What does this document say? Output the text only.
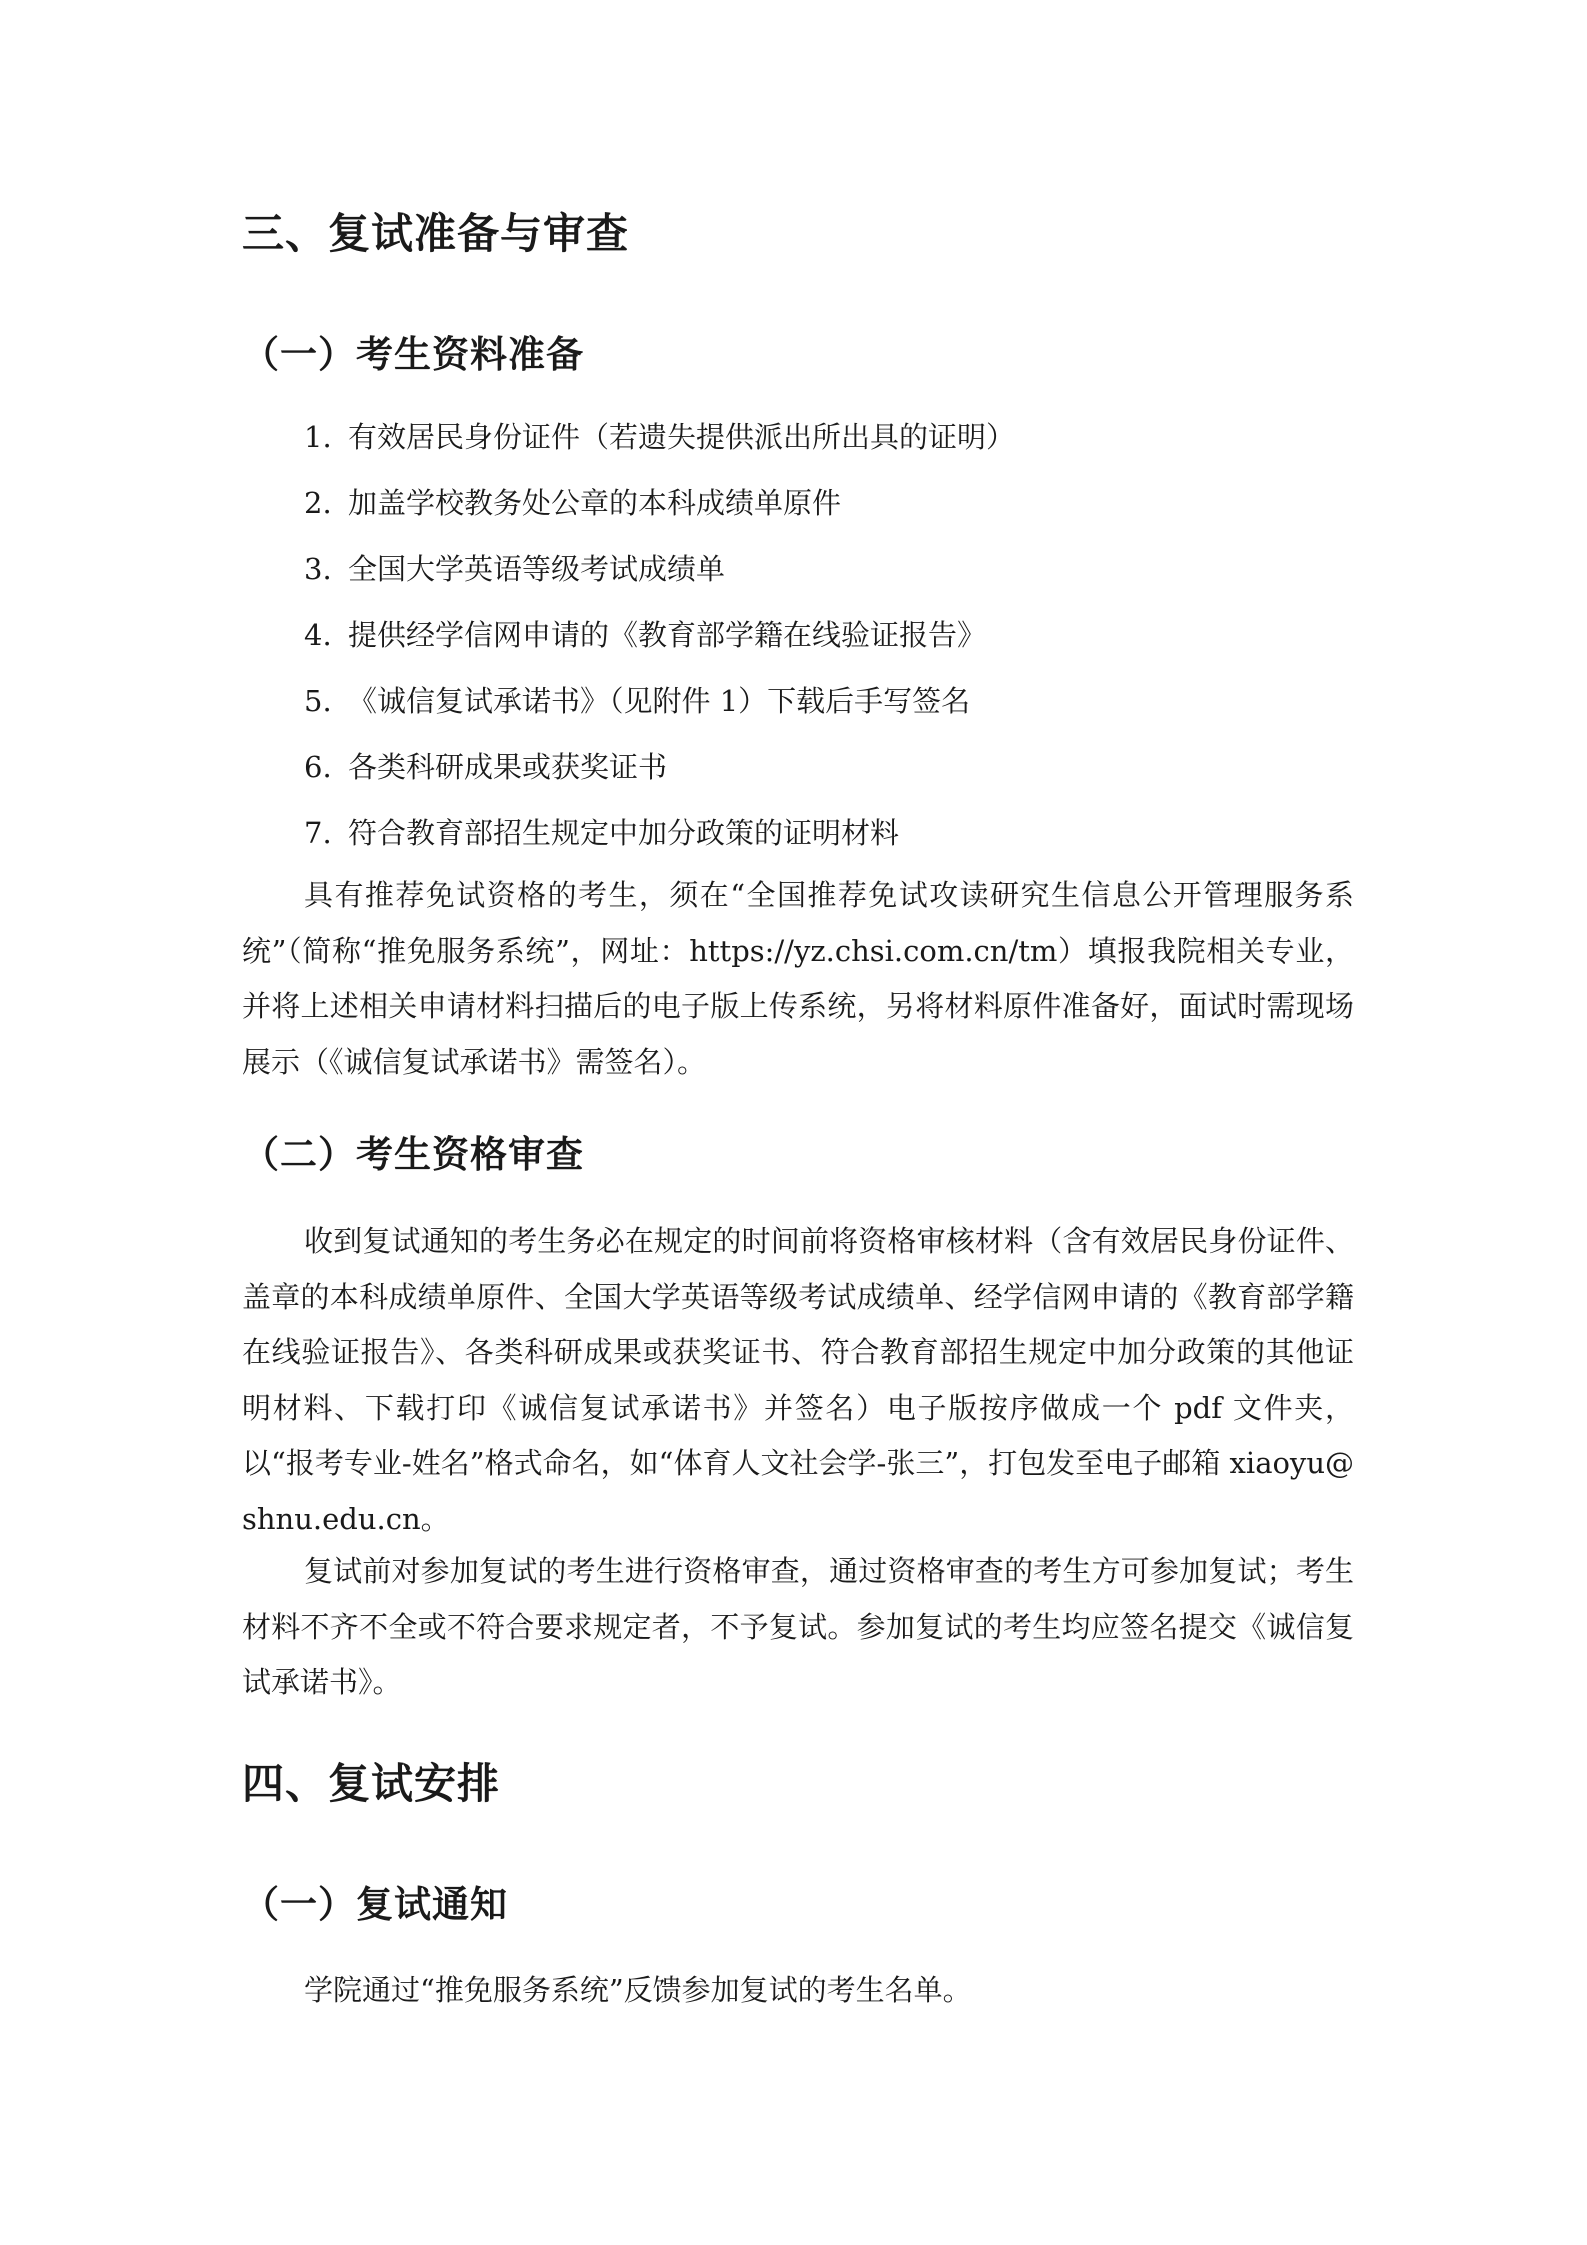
三、复试准备与审查
（一）考生资料准备
1. 有效居民身份证件（若遗失提供派出所出具的证明）
2. 加盖学校教务处公章的本科成绩单原件
3. 全国大学英语等级考试成绩单
4. 提供经学信网申请的《教育部学籍在线验证报告》
5. 《诚信复试承诺书》（见附件 1）下载后手写签名
6. 各类科研成果或获奖证书
7. 符合教育部招生规定中加分政策的证明材料

具有推荐免试资格的考生，须在“全国推荐免试攻读研究生信息公开管理服务系统”（简称“推免服务系统”，网址：https://yz.chsi.com.cn/tm）填报我院相关专业，并将上述相关申请材料扫描后的电子版上传系统，另将材料原件准备好，面试时需现场展示（《诚信复试承诺书》需签名）。

（二）考生资格审查

收到复试通知的考生务必在规定的时间前将资格审核材料（含有效居民身份证件、盖章的本科成绩单原件、全国大学英语等级考试成绩单、经学信网申请的《教育部学籍在线验证报告》、各类科研成果或获奖证书、符合教育部招生规定中加分政策的其他证明材料、下载打印《诚信复试承诺书》并签名）电子版按序做成一个 pdf 文件夹，以“报考专业-姓名”格式命名，如“体育人文社会学-张三”，打包发至电子邮箱 xiaoyu@shnu.edu.cn。

复试前对参加复试的考生进行资格审查，通过资格审查的考生方可参加复试；考生材料不齐不全或不符合要求规定者，不予复试。参加复试的考生均应签名提交《诚信复试承诺书》。

四、复试安排
（一）复试通知

学院通过“推免服务系统”反馈参加复试的考生名单。
